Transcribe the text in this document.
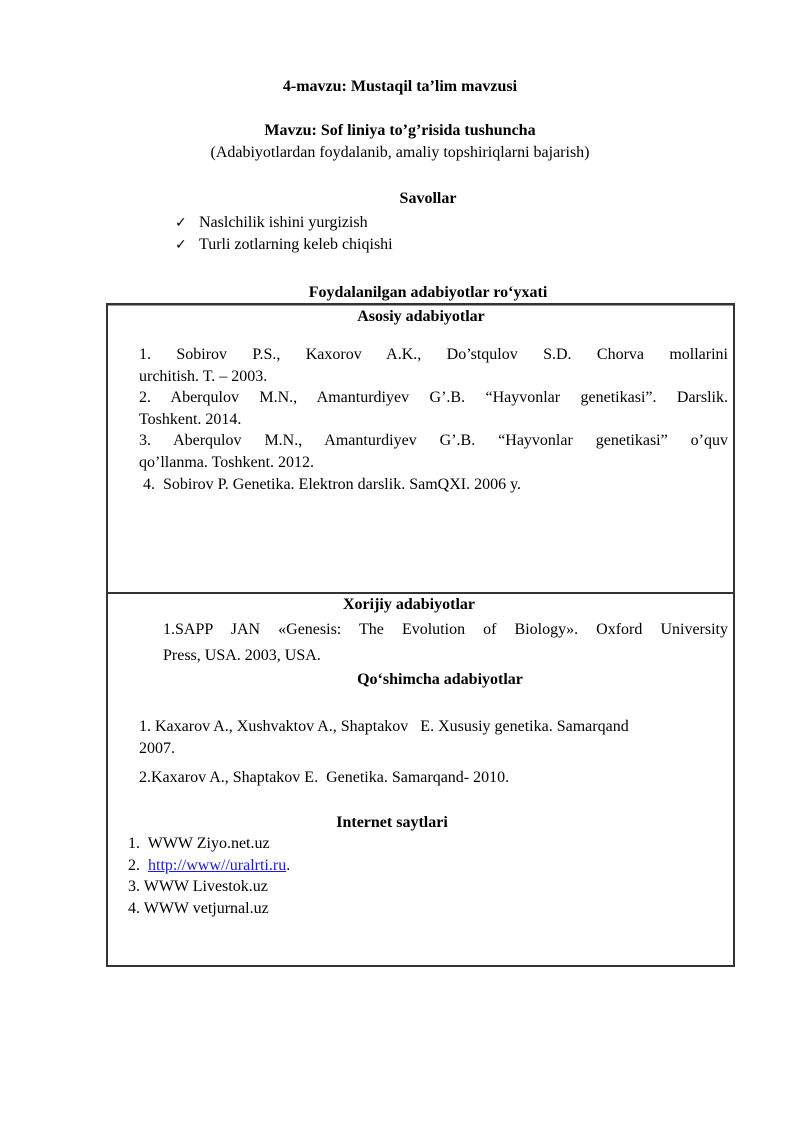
4-mavzu: Mustaqil ta’lim mavzusi
Mavzu: Sof liniya to’g’risida tushuncha
(Adabiyotlardan foydalanib, amaliy topshiriqlarni bajarish)
Savollar
✓ Naslchilik ishini yurgizish
✓ Turli zotlarning keleb chiqishi
Foydalanilgan adabiyotlar ro‘yxati
Asosiy adabiyotlar
1. Sobirov P.S., Kaxorov A.K., Do’stqulov S.D. Chorva mollarini
urchitish. T. – 2003.
2. Aberqulov M.N., Amanturdiyev G’.B. “Hayvonlar genetikasi”. Darslik.
Toshkent. 2014.
3. Aberqulov M.N., Amanturdiyev G’.B. “Hayvonlar genetikasi” o’quv
qo’llanma. Toshkent. 2012.
4.  Sobirov P. Genetika. Elektron darslik. SamQXI. 2006 y.
Xorijiy adabiyotlar
1.SAPP JAN «Genesis: The Evolution of Biology». Oxford University
Press, USA. 2003, USA.
Qo‘shimcha adabiyotlar
1. Kaxarov A., Xushvaktov A., Shaptakov   E. Xususiy genetika. Samarqand
2007.
2.Kaxarov A., Shaptakov E.  Genetika. Samarqand- 2010.
Internet saytlari
1.  WWW Ziyo.net.uz
2.  http://www//uralrti.ru.
3. WWW Livestok.uz
4. WWW vetjurnal.uz
